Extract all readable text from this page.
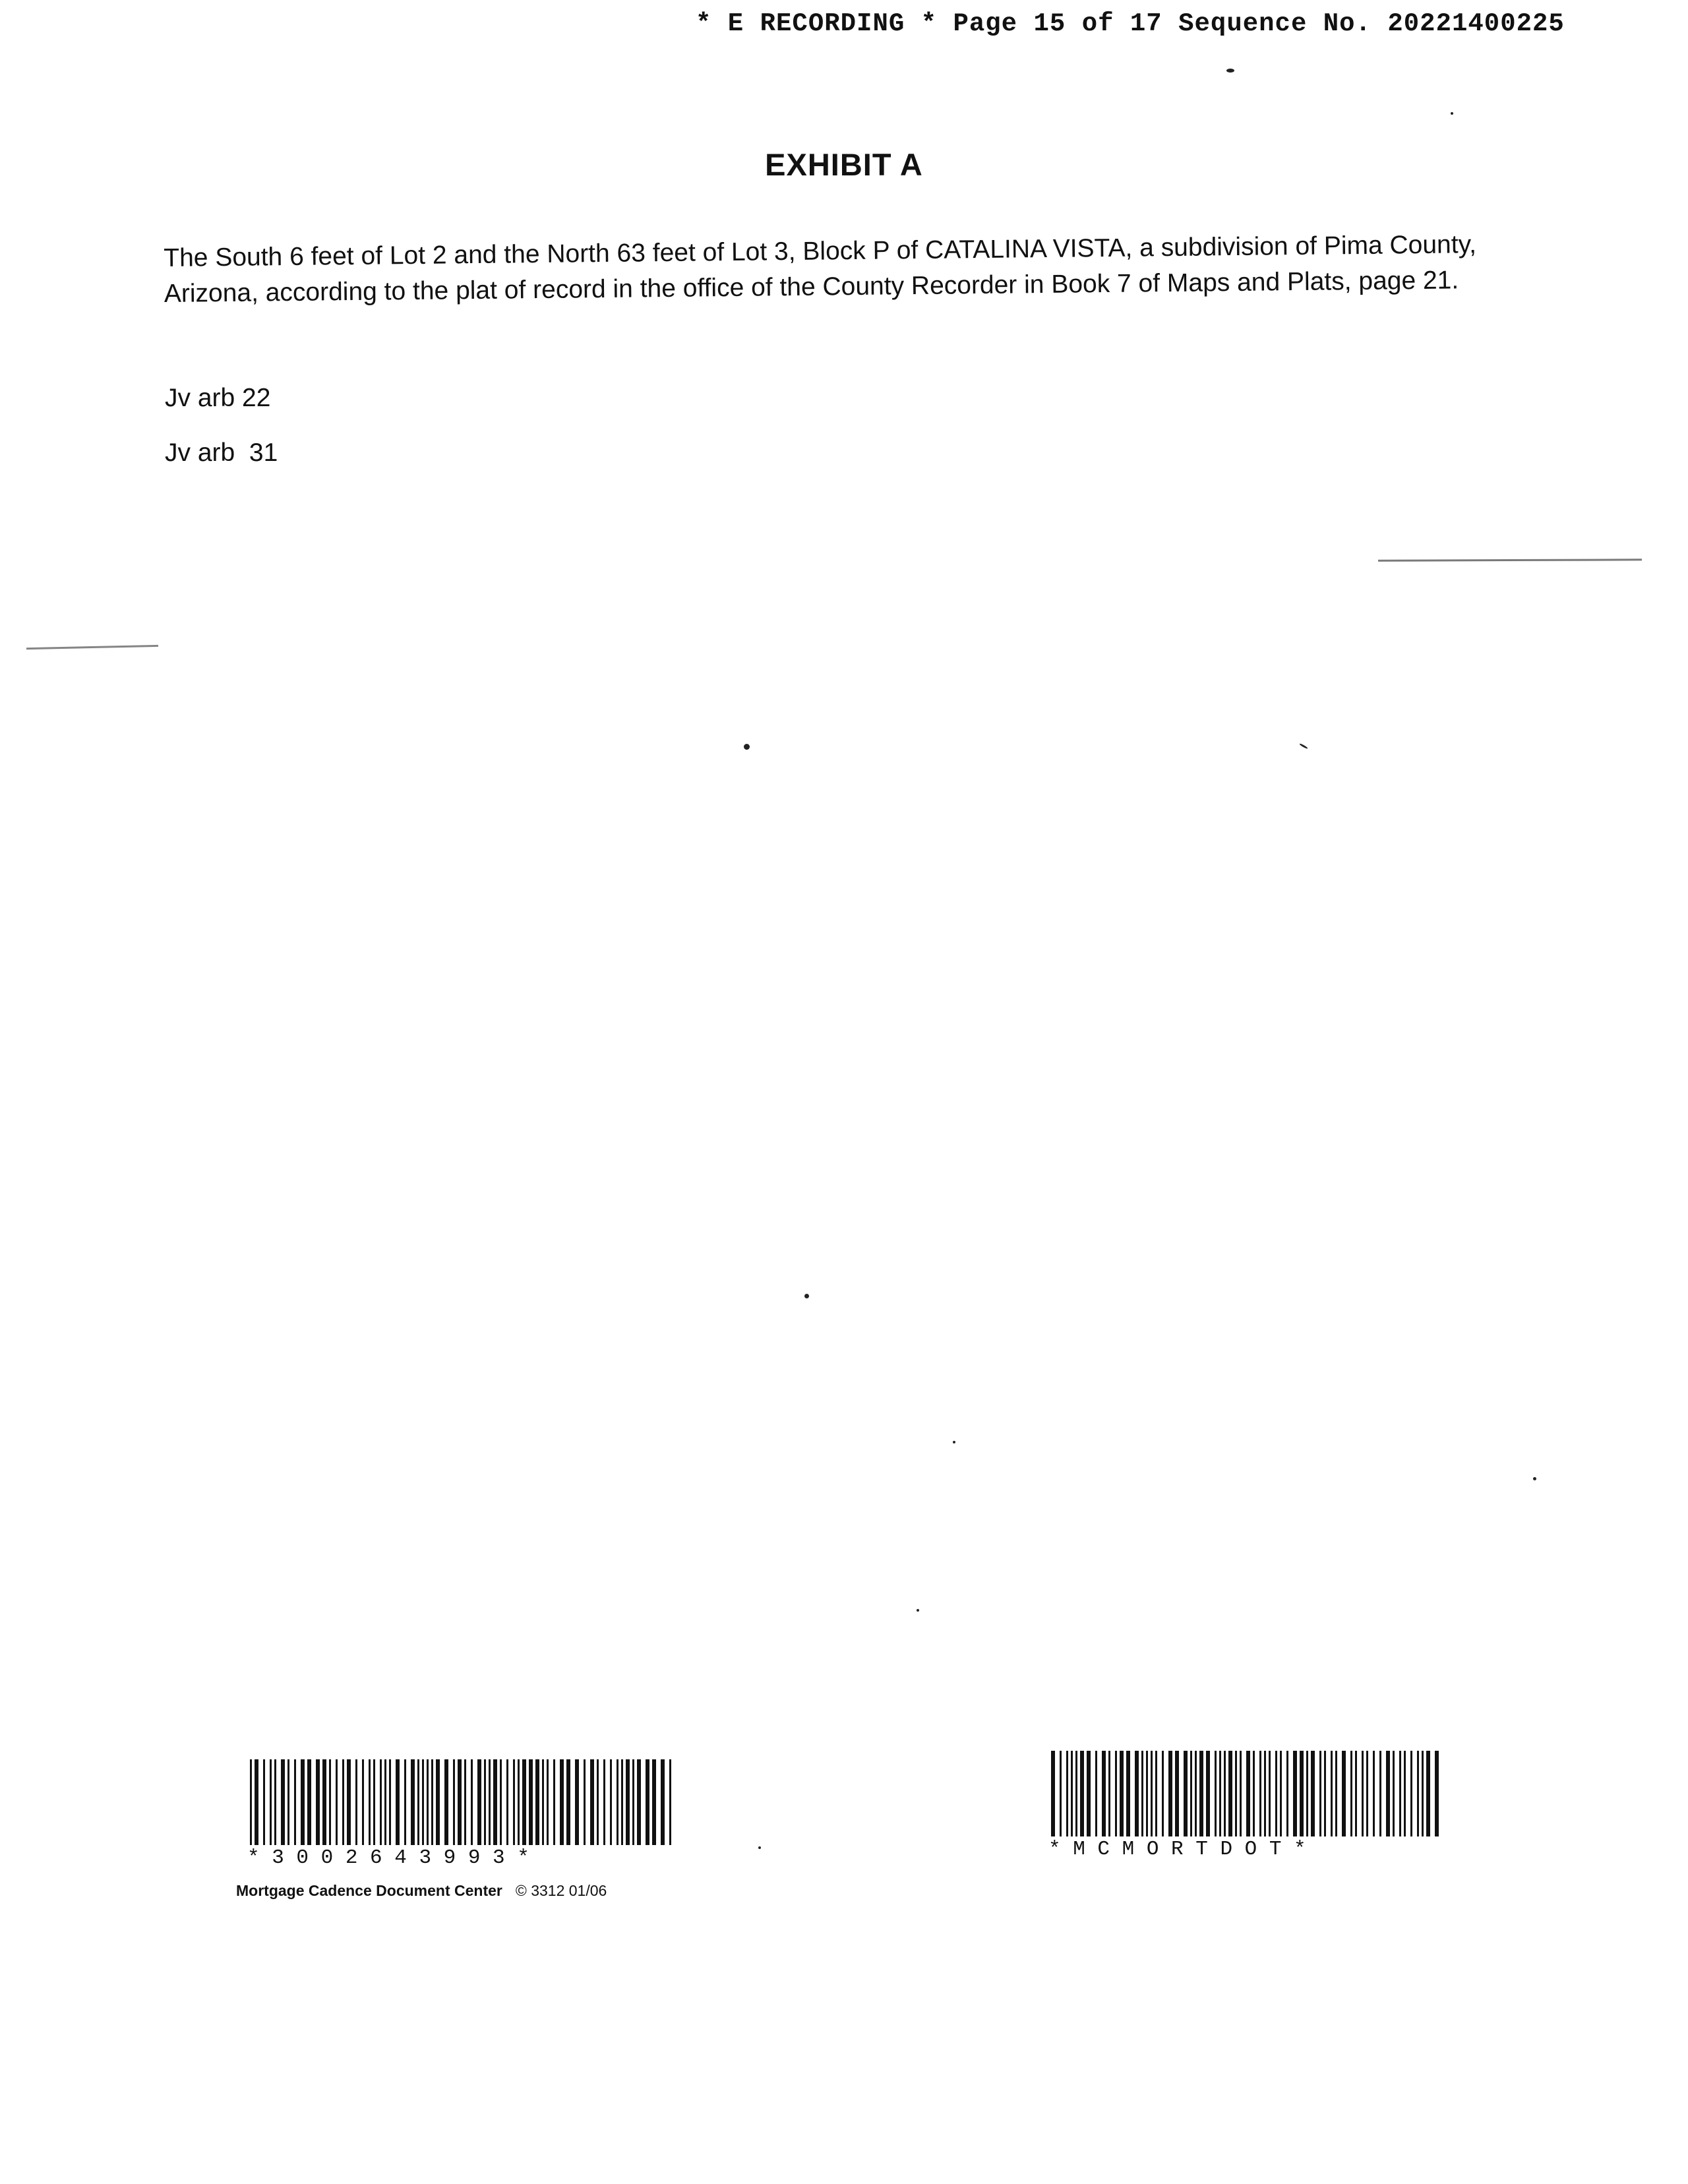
* E RECORDING * Page 15 of 17 Sequence No. 20221400225
EXHIBIT A
The South 6 feet of Lot 2 and the North 63 feet of Lot 3, Block P of CATALINA VISTA, a subdivision of Pima County, Arizona, according to the plat of record in the office of the County Recorder in Book 7 of Maps and Plats, page 21.
Jv arb 22
Jv arb  31
* 3 0 0 2 6 4 3 9 9 3 *	* M C M O R T D O T *
Mortgage Cadence Document Center © 3312 01/06
